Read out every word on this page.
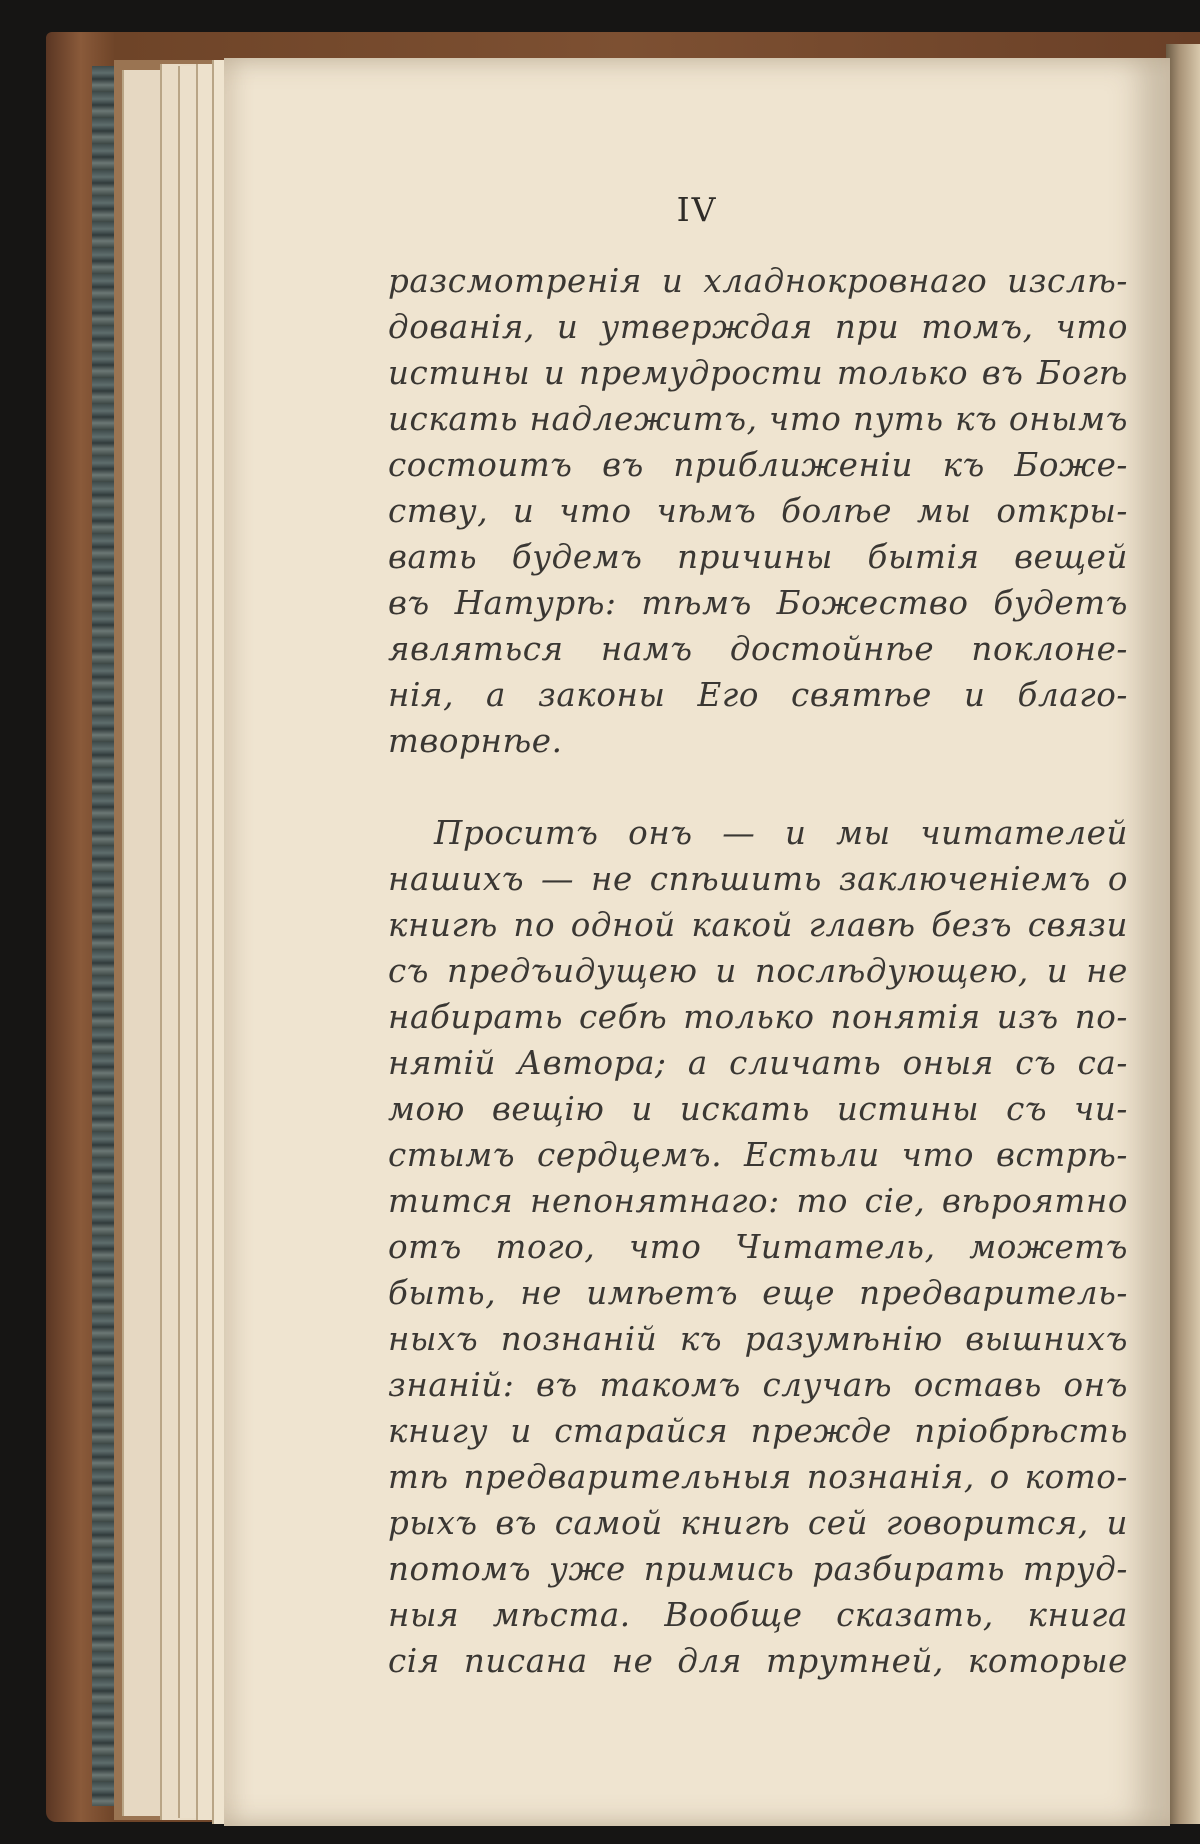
IV
разсмотренія и хладнокровнаго изслѣ-
дованія, и утверждая при томъ, что
истины и премудрости только въ Богѣ
искать надлежитъ, что путь къ онымъ
состоитъ въ приближеніи къ Боже-
ству, и что чѣмъ болѣе мы откры-
вать будемъ причины бытія вещей
въ Натурѣ: тѣмъ Божество будетъ
являться намъ достойнѣе поклоне-
нія, а законы Его святѣе и благо-
творнѣе.
Проситъ онъ — и мы читателей
нашихъ — не спѣшить заключеніемъ о
книгѣ по одной какой главѣ безъ связи
съ предъидущею и послѣдующею, и не
набирать себѣ только понятія изъ по-
нятій Автора; а сличать оныя съ са-
мою вещію и искать истины съ чи-
стымъ сердцемъ. Естьли что встрѣ-
тится непонятнаго: то сіе, вѣроятно
отъ того, что Читатель, можетъ
быть, не имѣетъ еще предваритель-
ныхъ познаній къ разумѣнію вышнихъ
знаній: въ такомъ случаѣ оставь онъ
книгу и старайся прежде пріобрѣсть
тѣ предварительныя познанія, о кото-
рыхъ въ самой книгѣ сей говорится, и
потомъ уже примись разбирать труд-
ныя мѣста. Вообще сказать, книга
сія писана не для трутней, которые
